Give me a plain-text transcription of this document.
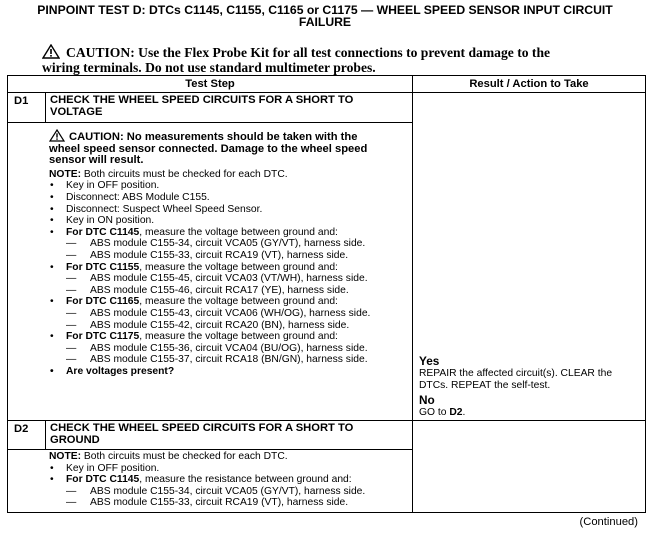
PINPOINT TEST D: DTCs C1145, C1155, C1165 or C1175 — WHEEL SPEED SENSOR INPUT CIRCUIT
FAILURE
CAUTION: Use the Flex Probe Kit for all test connections to prevent damage to the
wiring terminals. Do not use standard multimeter probes.
Test Step	Result / Action to Take
D1 CHECK THE WHEEL SPEED CIRCUITS FOR A SHORT TO VOLTAGE
CAUTION: No measurements should be taken with the
wheel speed sensor connected. Damage to the wheel speed
sensor will result.

NOTE: Both circuits must be checked for each DTC.

• Key in OFF position.
• Disconnect: ABS Module C155.
• Disconnect: Suspect Wheel Speed Sensor.
• Key in ON position.
• For DTC C1145, measure the voltage between ground and:
— ABS module C155-34, circuit VCA05 (GY/VT), harness side.
— ABS module C155-33, circuit RCA19 (VT), harness side.
• For DTC C1155, measure the voltage between ground and:
— ABS module C155-45, circuit VCA03 (VT/WH), harness side.
— ABS module C155-46, circuit RCA17 (YE), harness side.
• For DTC C1165, measure the voltage between ground and:
— ABS module C155-43, circuit VCA06 (WH/OG), harness side.
— ABS module C155-42, circuit RCA20 (BN), harness side.
• For DTC C1175, measure the voltage between ground and:
— ABS module C155-36, circuit VCA04 (BU/OG), harness side.
— ABS module C155-37, circuit RCA18 (BN/GN), harness side.
• Are voltages present?
Yes
REPAIR the affected circuit(s). CLEAR the DTCs. REPEAT the self-test.
No
GO to D2.
D2 CHECK THE WHEEL SPEED CIRCUITS FOR A SHORT TO GROUND

NOTE: Both circuits must be checked for each DTC.

• Key in OFF position.
• For DTC C1145, measure the resistance between ground and:
— ABS module C155-34, circuit VCA05 (GY/VT), harness side.
— ABS module C155-33, circuit RCA19 (VT), harness side.
(Continued)
